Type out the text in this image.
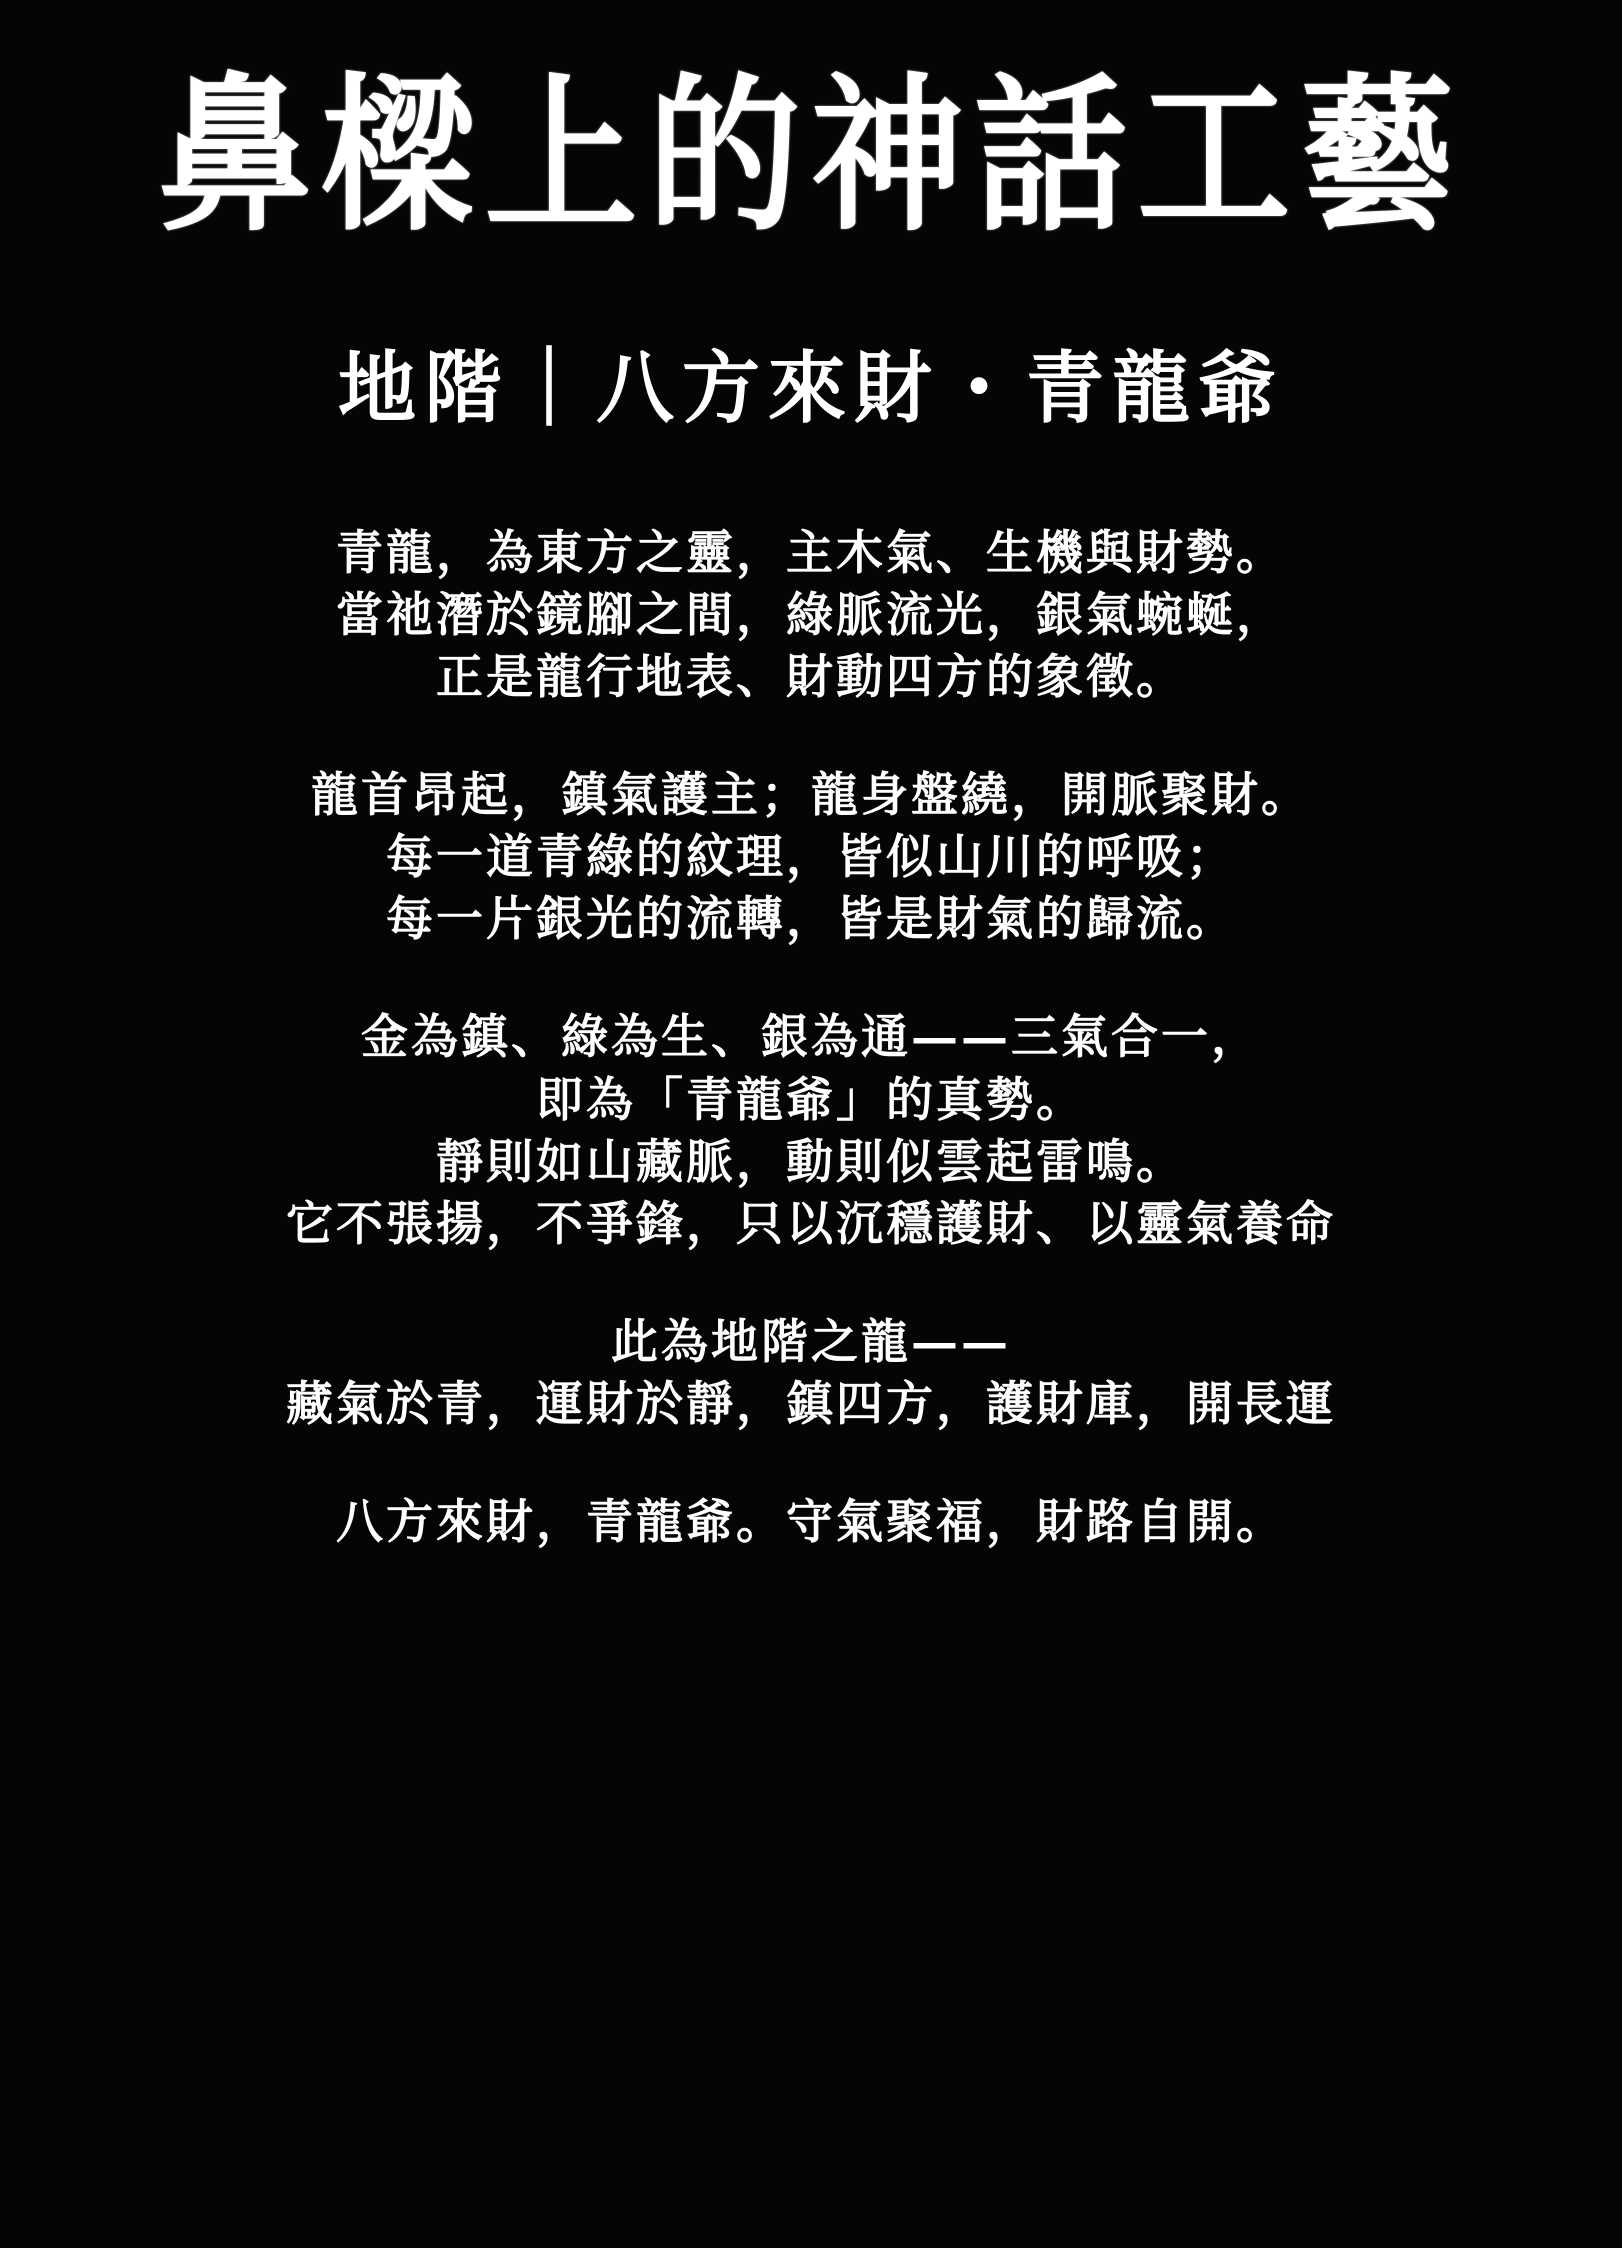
鼻樑上的神話工藝
地階｜八方來財・青龍爺
青龍，為東方之靈，主木氣、生機與財勢。
當祂潛於鏡腳之間，綠脈流光，銀氣蜿蜒，
正是龍行地表、財動四方的象徵。
龍首昂起，鎮氣護主；龍身盤繞，開脈聚財。
每一道青綠的紋理，皆似山川的呼吸；
每一片銀光的流轉，皆是財氣的歸流。
金為鎮、綠為生、銀為通——三氣合一，
即為「青龍爺」的真勢。
靜則如山藏脈，動則似雲起雷鳴。
它不張揚，不爭鋒，只以沉穩護財、以靈氣養命
此為地階之龍——
藏氣於青，運財於靜，鎮四方，護財庫，開長運
八方來財，青龍爺。守氣聚福，財路自開。
